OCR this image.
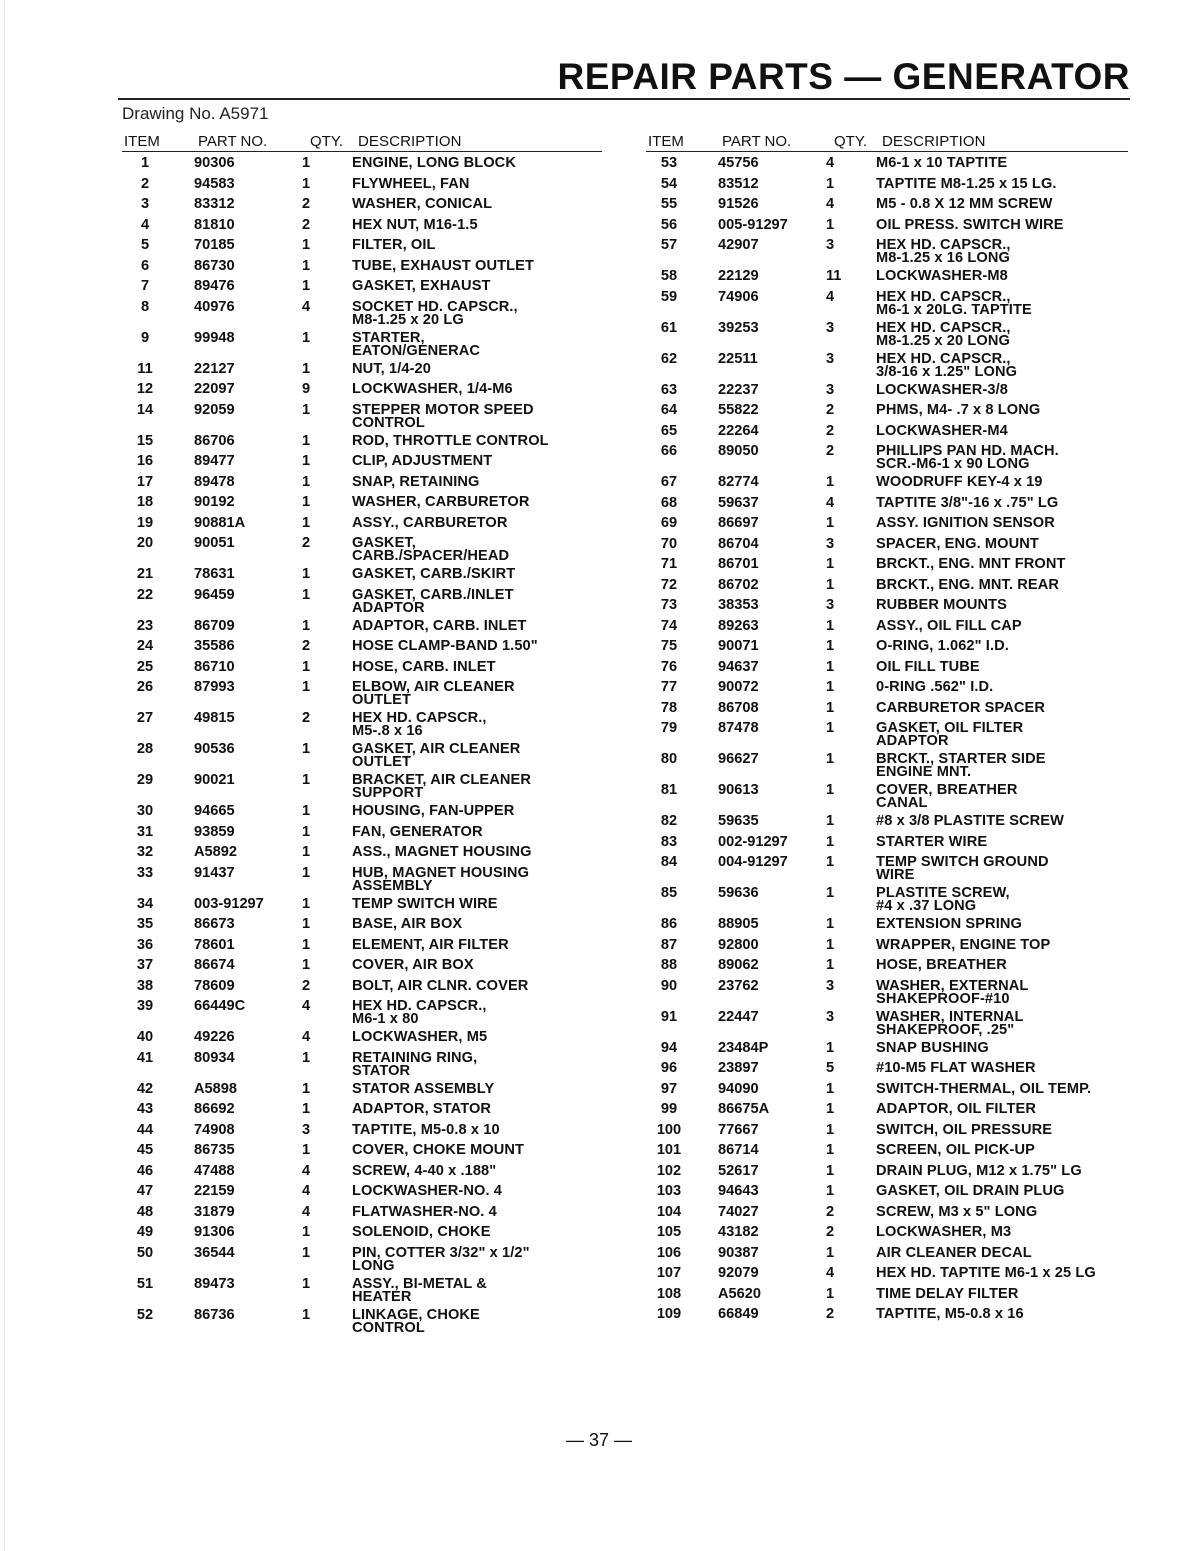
REPAIR PARTS — GENERATOR
Drawing No. A5971
ITEM	PART NO.	QTY. DESCRIPTION
1	90306	1	ENGINE, LONG BLOCK
2	94583	1	FLYWHEEL, FAN
3	83312	2	WASHER, CONICAL
4	81810	2	HEX NUT, M16-1.5
5	70185	1	FILTER, OIL
6	86730	1	TUBE, EXHAUST OUTLET
7	89476	1	GASKET, EXHAUST
8	40976	4	SOCKET HD. CAPSCR.,
M8-1.25 x 20 LG
9	99948	1	STARTER,
EATON/GENERAC
11	22127	1	NUT, 1/4-20
12	22097	9	LOCKWASHER, 1/4-M6
14	92059	1	STEPPER MOTOR SPEED
CONTROL
15	86706	1	ROD, THROTTLE CONTROL
16	89477	1	CLIP, ADJUSTMENT
17	89478	1	SNAP, RETAINING
18	90192	1	WASHER, CARBURETOR
19	90881A	1	ASSY., CARBURETOR
20	90051	2	GASKET,
CARB./SPACER/HEAD
21	78631	1	GASKET, CARB./SKIRT
22	96459	1	GASKET, CARB./INLET
ADAPTOR
23	86709	1	ADAPTOR, CARB. INLET
24	35586	2	HOSE CLAMP-BAND 1.50"
25	86710	1	HOSE, CARB. INLET
26	87993	1	ELBOW, AIR CLEANER
OUTLET
27	49815	2	HEX HD. CAPSCR.,
M5-.8 x 16
28	90536	1	GASKET, AIR CLEANER
OUTLET
29	90021	1	BRACKET, AIR CLEANER
SUPPORT
30	94665	1	HOUSING, FAN-UPPER
31	93859	1	FAN, GENERATOR
32	A5892	1	ASS., MAGNET HOUSING
33	91437	1	HUB, MAGNET HOUSING
ASSEMBLY
34	003-91297	1	TEMP SWITCH WIRE
35	86673	1	BASE, AIR BOX
36	78601	1	ELEMENT, AIR FILTER
37	86674	1	COVER, AIR BOX
38	78609	2	BOLT, AIR CLNR. COVER
39	66449C	4	HEX HD. CAPSCR.,
M6-1 x 80
40	49226	4	LOCKWASHER, M5
41	80934	1	RETAINING RING,
STATOR
42	A5898	1	STATOR ASSEMBLY
43	86692	1	ADAPTOR, STATOR
44	74908	3	TAPTITE, M5-0.8 x 10
45	86735	1	COVER, CHOKE MOUNT
46	47488	4	SCREW, 4-40 x .188"
47	22159	4	LOCKWASHER-NO. 4
48	31879	4	FLATWASHER-NO. 4
49	91306	1	SOLENOID, CHOKE
50	36544	1	PIN, COTTER 3/32" x 1/2"
LONG
51	89473	1	ASSY., BI-METAL &
HEATER
52	86736	1	LINKAGE, CHOKE
CONTROL
ITEM	PART NO.	QTY. DESCRIPTION
53	45756	4	M6-1 x 10 TAPTITE
54	83512	1	TAPTITE M8-1.25 x 15 LG.
55	91526	4	M5 - 0.8 X 12 MM SCREW
56	005-91297	1	OIL PRESS. SWITCH WIRE
57	42907	3	HEX HD. CAPSCR.,
M8-1.25 x 16 LONG
58	22129	11	LOCKWASHER-M8
59	74906	4	HEX HD. CAPSCR.,
M6-1 x 20LG. TAPTITE
61	39253	3	HEX HD. CAPSCR.,
M8-1.25 x 20 LONG
62	22511	3	HEX HD. CAPSCR.,
3/8-16 x 1.25" LONG
63	22237	3	LOCKWASHER-3/8
64	55822	2	PHMS, M4- .7 x 8 LONG
65	22264	2	LOCKWASHER-M4
66	89050	2	PHILLIPS PAN HD. MACH.
SCR.-M6-1 x 90 LONG
67	82774	1	WOODRUFF KEY-4 x 19
68	59637	4	TAPTITE 3/8"-16 x .75" LG
69	86697	1	ASSY. IGNITION SENSOR
70	86704	3	SPACER, ENG. MOUNT
71	86701	1	BRCKT., ENG. MNT FRONT
72	86702	1	BRCKT., ENG. MNT. REAR
73	38353	3	RUBBER MOUNTS
74	89263	1	ASSY., OIL FILL CAP
75	90071	1	O-RING, 1.062" I.D.
76	94637	1	OIL FILL TUBE
77	90072	1	0-RING .562" I.D.
78	86708	1	CARBURETOR SPACER
79	87478	1	GASKET, OIL FILTER
ADAPTOR
80	96627	1	BRCKT., STARTER SIDE
ENGINE MNT.
81	90613	1	COVER, BREATHER
CANAL
82	59635	1	#8 x 3/8 PLASTITE SCREW
83	002-91297	1	STARTER WIRE
84	004-91297	1	TEMP SWITCH GROUND
WIRE
85	59636	1	PLASTITE SCREW,
#4 x .37 LONG
86	88905	1	EXTENSION SPRING
87	92800	1	WRAPPER, ENGINE TOP
88	89062	1	HOSE, BREATHER
90	23762	3	WASHER, EXTERNAL
SHAKEPROOF-#10
91	22447	3	WASHER, INTERNAL
SHAKEPROOF, .25"
94	23484P	1	SNAP BUSHING
96	23897	5	#10-M5 FLAT WASHER
97	94090	1	SWITCH-THERMAL, OIL TEMP.
99	86675A	1	ADAPTOR, OIL FILTER
100	77667	1	SWITCH, OIL PRESSURE
101	86714	1	SCREEN, OIL PICK-UP
102	52617	1	DRAIN PLUG, M12 x 1.75" LG
103	94643	1	GASKET, OIL DRAIN PLUG
104	74027	2	SCREW, M3 x 5" LONG
105	43182	2	LOCKWASHER, M3
106	90387	1	AIR CLEANER DECAL
107	92079	4	HEX HD. TAPTITE M6-1 x 25 LG
108	A5620	1	TIME DELAY FILTER
109	66849	2	TAPTITE, M5-0.8 x 16
— 37 —
